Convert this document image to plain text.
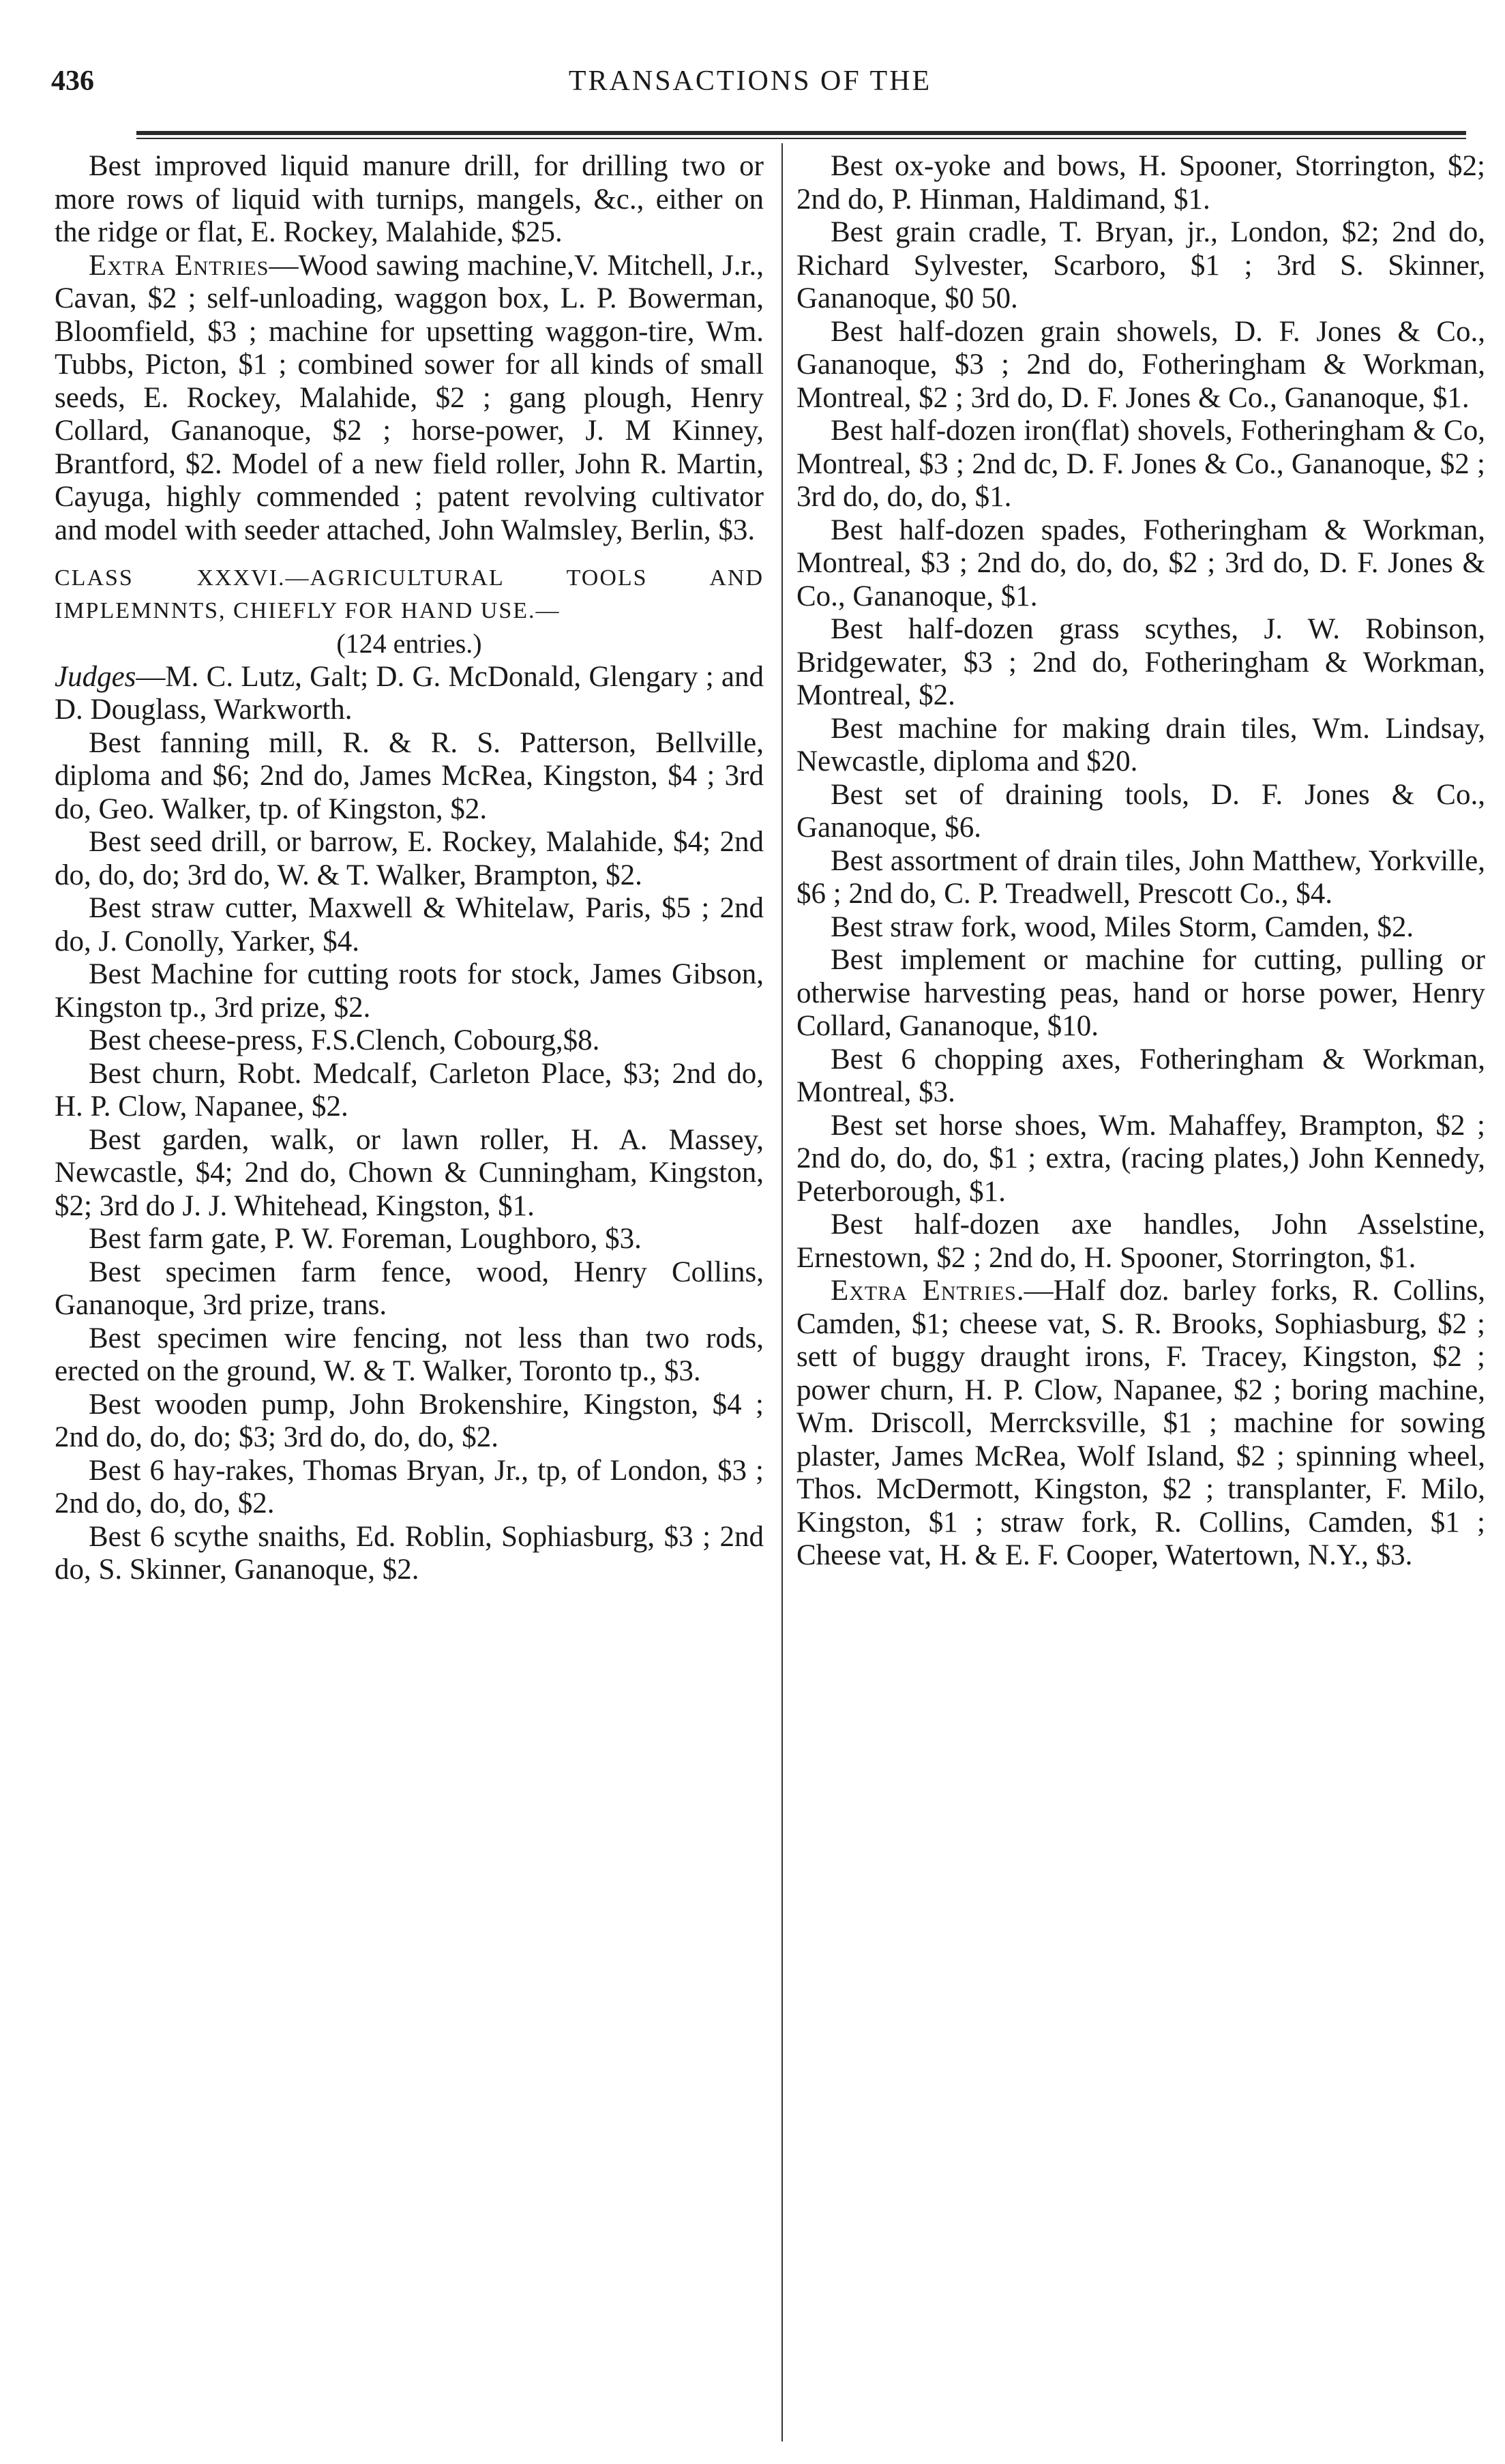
436	TRANSACTIONS OF THE

Best improved liquid manure drill, for drilling two or more rows of liquid with turnips, mangels, &c., either on the ridge or flat, E. Rockey, Malahide, $25.

Extra Entries—Wood sawing machine,V. Mitchell, J.r., Cavan, $2 ; self-unloading, waggon box, L. P. Bowerman, Bloomfield, $3 ; machine for upsetting waggon-tire, Wm. Tubbs, Picton, $1 ; combined sower for all kinds of small seeds, E. Rockey, Malahide, $2 ; gang plough, Henry Collard, Gananoque, $2 ; horse-power, J. M Kinney, Brantford, $2. Model of a new field roller, John R. Martin, Cayuga, highly commended ; patent revolving cultivator and model with seeder attached, John Walmsley, Berlin, $3.

CLASS XXXVI.—AGRICULTURAL TOOLS AND IMPLEMNNTS, CHIEFLY FOR HAND USE.—

(124 entries.)

Judges—M. C. Lutz, Galt; D. G. McDonald, Glengary ; and D. Douglass, Warkworth.

Best fanning mill, R. & R. S. Patterson, Bellville, diploma and $6; 2nd do, James McRea, Kingston, $4 ; 3rd do, Geo. Walker, tp. of Kingston, $2.

Best seed drill, or barrow, E. Rockey, Malahide, $4; 2nd do, do, do; 3rd do, W. & T. Walker, Brampton, $2.

Best straw cutter, Maxwell & Whitelaw, Paris, $5 ; 2nd do, J. Conolly, Yarker, $4.

Best Machine for cutting roots for stock, James Gibson, Kingston tp., 3rd prize, $2.

Best cheese-press, F.S.Clench, Cobourg,$8.

Best churn, Robt. Medcalf, Carleton Place, $3; 2nd do, H. P. Clow, Napanee, $2.

Best garden, walk, or lawn roller, H. A. Massey, Newcastle, $4; 2nd do, Chown & Cunningham, Kingston, $2; 3rd do J. J. Whitehead, Kingston, $1.

Best farm gate, P. W. Foreman, Loughboro, $3.

Best specimen farm fence, wood, Henry Collins, Gananoque, 3rd prize, trans.

Best specimen wire fencing, not less than two rods, erected on the ground, W. & T. Walker, Toronto tp., $3.

Best wooden pump, John Brokenshire, Kingston, $4 ; 2nd do, do, do; $3; 3rd do, do, do, $2.

Best 6 hay-rakes, Thomas Bryan, Jr., tp, of London, $3 ; 2nd do, do, do, $2.

Best 6 scythe snaiths, Ed. Roblin, Sophiasburg, $3 ; 2nd do, S. Skinner, Gananoque, $2.

Best ox-yoke and bows, H. Spooner, Storrington, $2; 2nd do, P. Hinman, Haldimand, $1.

Best grain cradle, T. Bryan, jr., London, $2; 2nd do, Richard Sylvester, Scarboro, $1 ; 3rd S. Skinner, Gananoque, $0 50.

Best half-dozen grain showels, D. F. Jones & Co., Gananoque, $3 ; 2nd do, Fotheringham & Workman, Montreal, $2 ; 3rd do, D. F. Jones & Co., Gananoque, $1.

Best half-dozen iron(flat) shovels, Fotheringham & Co, Montreal, $3 ; 2nd dc, D. F. Jones & Co., Gananoque, $2 ; 3rd do, do, do, $1.

Best half-dozen spades, Fotheringham & Workman, Montreal, $3 ; 2nd do, do, do, $2 ; 3rd do, D. F. Jones & Co., Gananoque, $1.

Best half-dozen grass scythes, J. W. Robinson, Bridgewater, $3 ; 2nd do, Fotheringham & Workman, Montreal, $2.

Best machine for making drain tiles, Wm. Lindsay, Newcastle, diploma and $20.

Best set of draining tools, D. F. Jones & Co., Gananoque, $6.

Best assortment of drain tiles, John Matthew, Yorkville, $6 ; 2nd do, C. P. Treadwell, Prescott Co., $4.

Best straw fork, wood, Miles Storm, Camden, $2.

Best implement or machine for cutting, pulling or otherwise harvesting peas, hand or horse power, Henry Collard, Gananoque, $10.

Best 6 chopping axes, Fotheringham & Workman, Montreal, $3.

Best set horse shoes, Wm. Mahaffey, Brampton, $2 ; 2nd do, do, do, $1 ; extra, (racing plates,) John Kennedy, Peterborough, $1.

Best half-dozen axe handles, John Asselstine, Ernestown, $2 ; 2nd do, H. Spooner, Storrington, $1.

Extra Entries.—Half doz. barley forks, R. Collins, Camden, $1; cheese vat, S. R. Brooks, Sophiasburg, $2 ; sett of buggy draught irons, F. Tracey, Kingston, $2 ; power churn, H. P. Clow, Napanee, $2 ; boring machine, Wm. Driscoll, Merrcksville, $1 ; machine for sowing plaster, James McRea, Wolf Island, $2 ; spinning wheel, Thos. McDermott, Kingston, $2 ; transplanter, F. Milo, Kingston, $1 ; straw fork, R. Collins, Camden, $1 ; Cheese vat, H. & E. F. Cooper, Watertown, N.Y., $3.
